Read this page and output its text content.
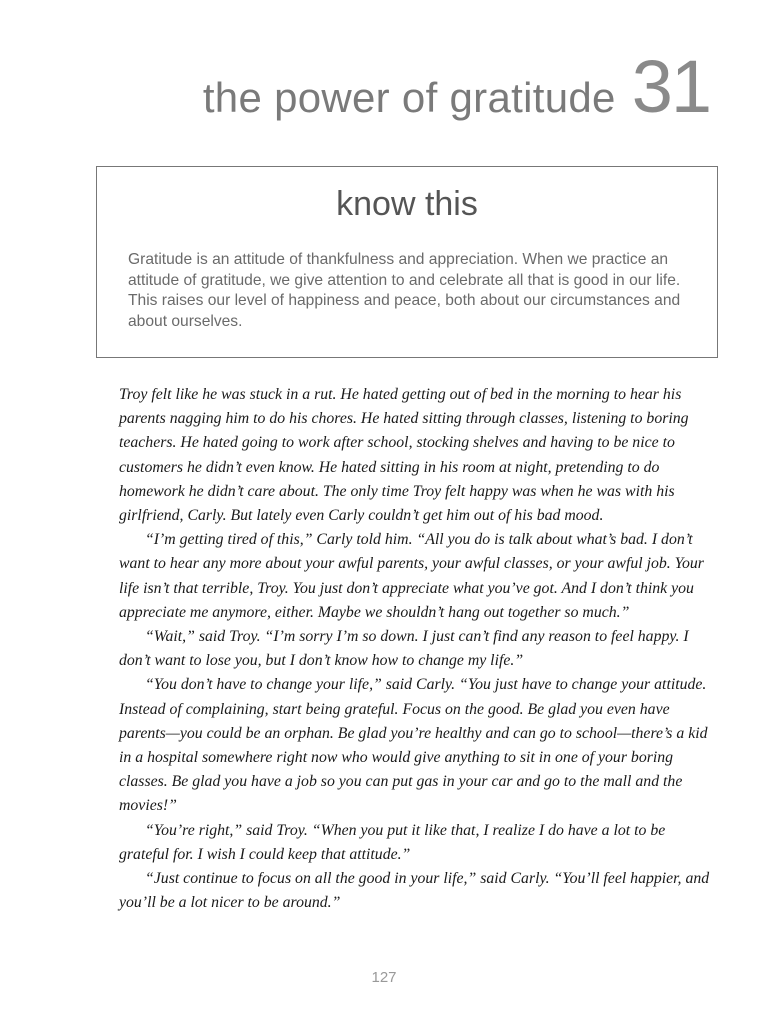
the power of gratitude 31
know this

Gratitude is an attitude of thankfulness and appreciation. When we practice an attitude of gratitude, we give attention to and celebrate all that is good in our life. This raises our level of happiness and peace, both about our circumstances and about ourselves.

Troy felt like he was stuck in a rut. He hated getting out of bed in the morning to hear his parents nagging him to do his chores. He hated sitting through classes, listening to boring teachers. He hated going to work after school, stocking shelves and having to be nice to customers he didn’t even know. He hated sitting in his room at night, pretending to do homework he didn’t care about. The only time Troy felt happy was when he was with his girlfriend, Carly. But lately even Carly couldn’t get him out of his bad mood.

“I’m getting tired of this,” Carly told him. “All you do is talk about what’s bad. I don’t want to hear any more about your awful parents, your awful classes, or your awful job. Your life isn’t that terrible, Troy. You just don’t appreciate what you’ve got. And I don’t think you appreciate me anymore, either. Maybe we shouldn’t hang out together so much.”

“Wait,” said Troy. “I’m sorry I’m so down. I just can’t find any reason to feel happy. I don’t want to lose you, but I don’t know how to change my life.”

“You don’t have to change your life,” said Carly. “You just have to change your attitude. Instead of complaining, start being grateful. Focus on the good. Be glad you even have parents—you could be an orphan. Be glad you’re healthy and can go to school—there’s a kid in a hospital somewhere right now who would give anything to sit in one of your boring classes. Be glad you have a job so you can put gas in your car and go to the mall and the movies!”

“You’re right,” said Troy. “When you put it like that, I realize I do have a lot to be grateful for. I wish I could keep that attitude.”

“Just continue to focus on all the good in your life,” said Carly. “You’ll feel happier, and you’ll be a lot nicer to be around.”

127
